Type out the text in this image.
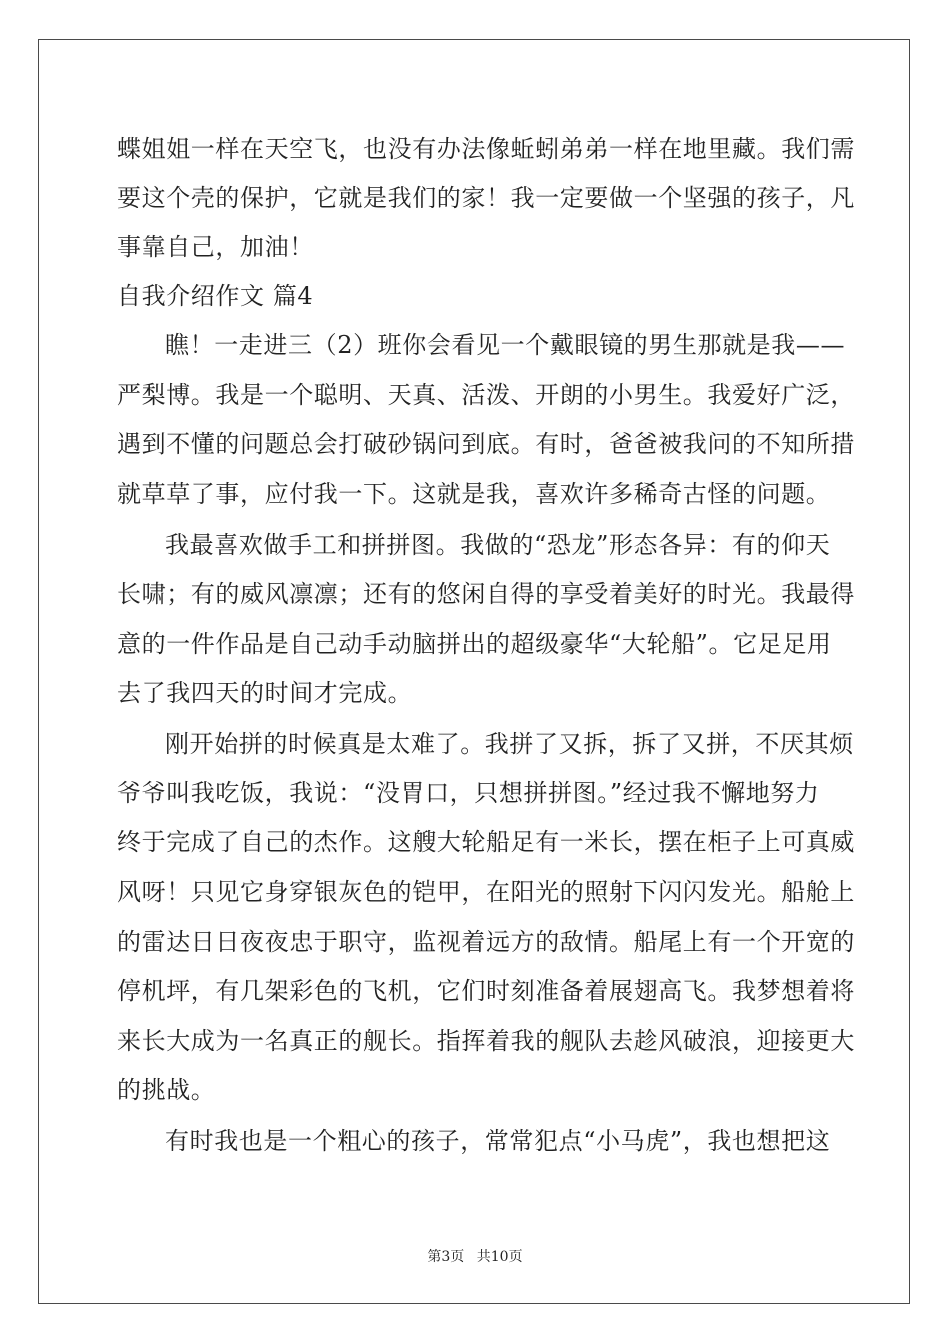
蝶姐姐一样在天空飞，也没有办法像蚯蚓弟弟一样在地里藏。我们需
要这个壳的保护，它就是我们的家！我一定要做一个坚强的孩子，凡
事靠自己，加油！
自我介绍作文 篇4
瞧！一走进三（2）班你会看见一个戴眼镜的男生那就是我——
严梨博。我是一个聪明、天真、活泼、开朗的小男生。我爱好广泛，
遇到不懂的问题总会打破砂锅问到底。有时，爸爸被我问的不知所措
就草草了事，应付我一下。这就是我，喜欢许多稀奇古怪的问题。
我最喜欢做手工和拼拼图。我做的“恐龙”形态各异：有的仰天
长啸；有的威风凛凛；还有的悠闲自得的享受着美好的时光。我最得
意的一件作品是自己动手动脑拼出的超级豪华“大轮船”。它足足用
去了我四天的时间才完成。
刚开始拼的时候真是太难了。我拼了又拆，拆了又拼，不厌其烦
爷爷叫我吃饭，我说：“没胃口，只想拼拼图。”经过我不懈地努力
终于完成了自己的杰作。这艘大轮船足有一米长，摆在柜子上可真威
风呀！只见它身穿银灰色的铠甲，在阳光的照射下闪闪发光。船舱上
的雷达日日夜夜忠于职守，监视着远方的敌情。船尾上有一个开宽的
停机坪，有几架彩色的飞机，它们时刻准备着展翅高飞。我梦想着将
来长大成为一名真正的舰长。指挥着我的舰队去趁风破浪，迎接更大
的挑战。
有时我也是一个粗心的孩子，常常犯点“小马虎”，我也想把这
第3页 共10页
